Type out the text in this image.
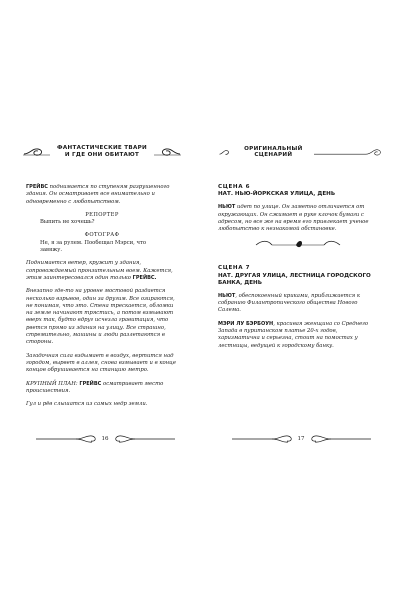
ФАНТАСТИЧЕСКИЕ ТВАРИ
И ГДЕ ОНИ ОБИТАЮТ

ГРЕЙВС поднимается по ступеням разрушенного здания. Он осматривает все внимательно и одновременно с любопытством.

РЕПОРТЕР

Выпить не хочешь?

ФОТОГРАФ

Не, я за рулем. Пообещал Мэрси, что завяжу.

Поднимается ветер, кружит у здания, сопровождаемый пронзительным воем. Кажется, этим заинтересовался один только ГРЕЙВС.

Внезапно где-то на уровне мостовой раздается несколько взрывов, один за другим. Все озираются, не понимая, что это. Стена трескается, обломки на земле начинают трястись, а потом взмывают вверх так, будто вдруг исчезла гравитация, что рвется прямо из здания на улицу. Все страшно, стремительно, машины и люди разлетаются в стороны.

Загадочная сила вздымает в воздух, вертится над городом, вырвет в аллея, снова взмывает и в конце концов обрушивается на станцию метро.

КРУПНЫЙ ПЛАН: ГРЕЙВС осматривает место происшествия.

Гул и рёв слышатся из самых недр земли.

16
ОРИГИНАЛЬНЫЙ СЦЕНАРИЙ

СЦЕНА 6

НАТ. НЬЮ-ЙОРКСКАЯ УЛИЦА, ДЕНЬ

НЬЮТ идет по улице. Он заметно отличается от окружающих. Он сжимает в руке клочок бумаги с адресом, но все же на время его привлекает ученое любопытство к незнакомой обстановке.

СЦЕНА 7

НАТ. ДРУГАЯ УЛИЦА, ЛЕСТНИЦА ГОРОДСКОГО БАНКА, ДЕНЬ

НЬЮТ, обеспокоенный криками, приближается к собранию Филантропического общества Нового Салема.

МЭРИ ЛУ БЭРБОУН, красивая женщина со Среднего Запада в пуританском платье 20-х годов, харизматична и серьезна, стоит на помостах у лестницы, ведущей к городскому банку.

17
